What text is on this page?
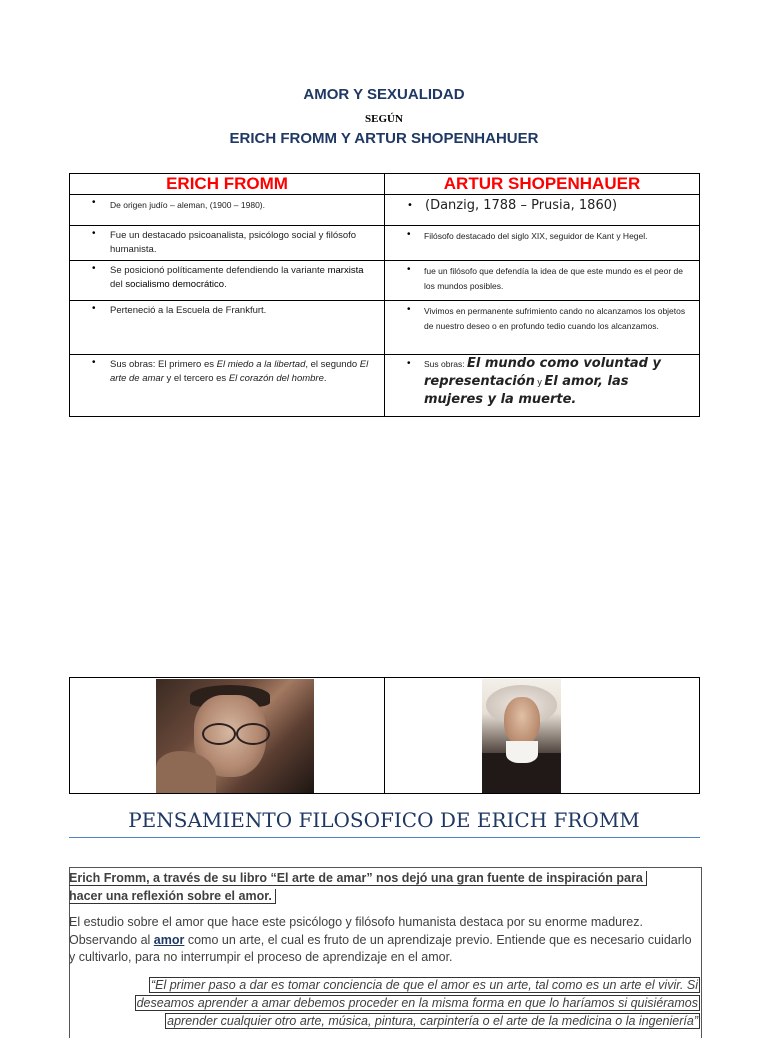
AMOR Y SEXUALIDAD
SEGÚN
ERICH FROMM Y ARTUR SHOPENHAHUER
ERICH FROMM	ARTUR SHOPENHAUER

• De origen judío – aleman, (1900 – 1980).	• (Danzig, 1788 – Prusia, 1860)

• Fue un destacado psicoanalista, psicólogo social y filósofo humanista.	• Filósofo destacado del siglo XIX, seguidor de Kant y Hegel.

• Se posicionó políticamente defendiendo la variante marxista del socialismo democrático.	• fue un filósofo que defendía la idea de que este mundo es el peor de los mundos posibles.

• Perteneció a la Escuela de Frankfurt.	• Vivimos en permanente sufrimiento cando no alcanzamos los objetos de nuestro deseo o en profundo tedio cuando los alcanzamos.

• Sus obras: El primero es El miedo a la libertad, el segundo El arte de amar y el tercero es El corazón del hombre.	• Sus obras: El mundo como voluntad y representación y El amor, las mujeres y la muerte.

PENSAMIENTO FILOSOFICO DE ERICH FROMM
Erich Fromm, a través de su libro “El arte de amar” nos dejó una gran fuente de inspiración para
hacer una reflexión sobre el amor.
El estudio sobre el amor que hace este psicólogo y filósofo humanista destaca por su enorme madurez. Observando al amor como un arte, el cual es fruto de un aprendizaje previo. Entiende que es necesario cuidarlo y cultivarlo, para no interrumpir el proceso de aprendizaje en el amor.
“El primer paso a dar es tomar conciencia de que el amor es un arte, tal como es un arte el vivir. Si
deseamos aprender a amar debemos proceder en la misma forma en que lo haríamos si quisiéramos
aprender cualquier otro arte, música, pintura, carpintería o el arte de la medicina o la ingeniería”
